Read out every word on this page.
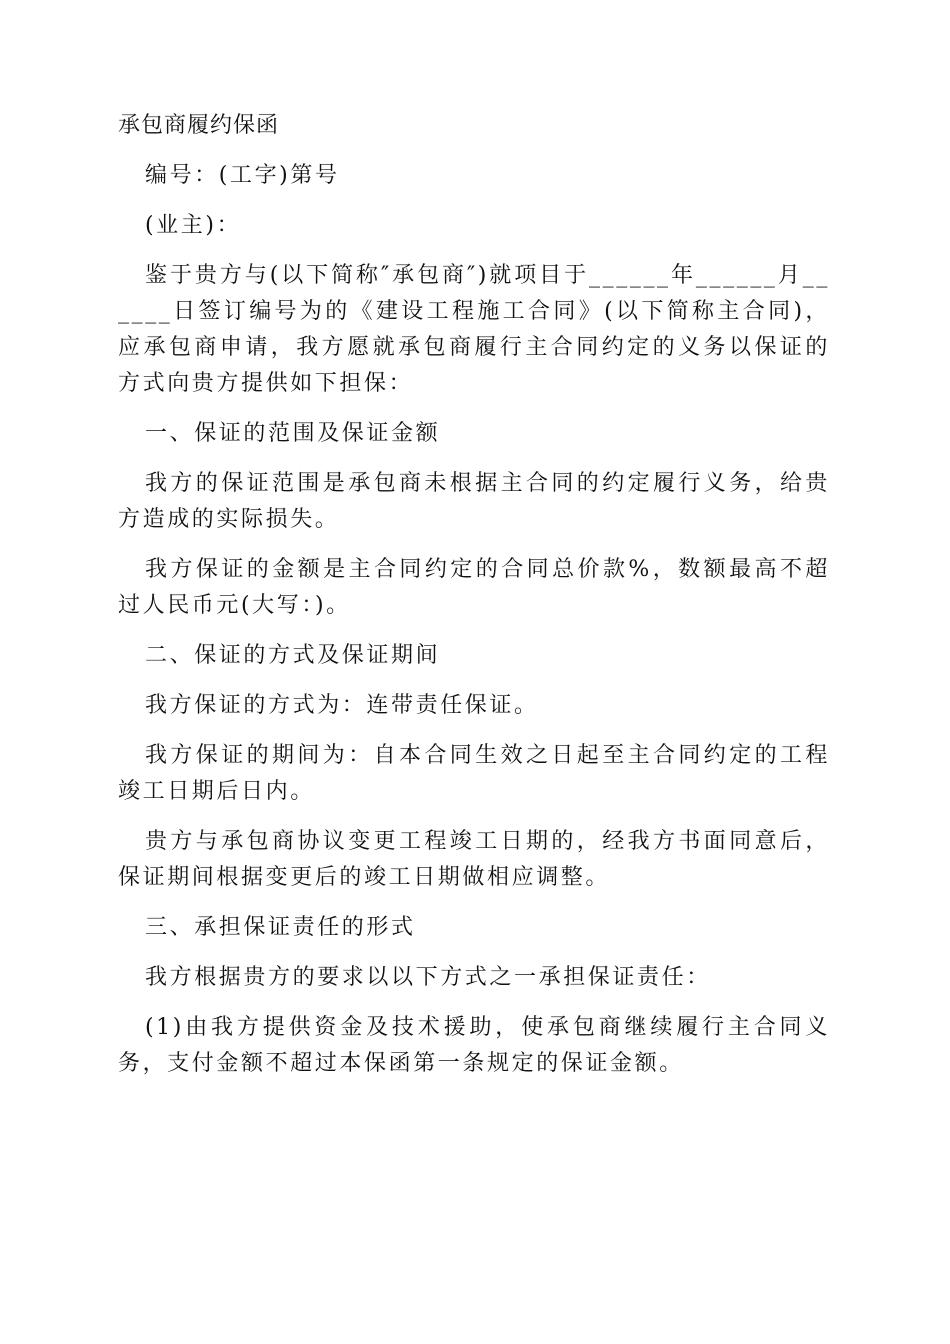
承包商履约保函

编号：(工字)第号

(业主)：

鉴于贵方与(以下简称″承包商″)就项目于______年______月______日签订编号为的《建设工程施工合同》(以下简称主合同)，应承包商申请，我方愿就承包商履行主合同约定的义务以保证的方式向贵方提供如下担保：

一、保证的范围及保证金额

我方的保证范围是承包商未根据主合同的约定履行义务，给贵方造成的实际损失。

我方保证的金额是主合同约定的合同总价款%，数额最高不超过人民币元(大写：)。

二、保证的方式及保证期间

我方保证的方式为：连带责任保证。

我方保证的期间为：自本合同生效之日起至主合同约定的工程竣工日期后日内。

贵方与承包商协议变更工程竣工日期的，经我方书面同意后，保证期间根据变更后的竣工日期做相应调整。

三、承担保证责任的形式

我方根据贵方的要求以以下方式之一承担保证责任：

(1)由我方提供资金及技术援助，使承包商继续履行主合同义务，支付金额不超过本保函第一条规定的保证金额。
